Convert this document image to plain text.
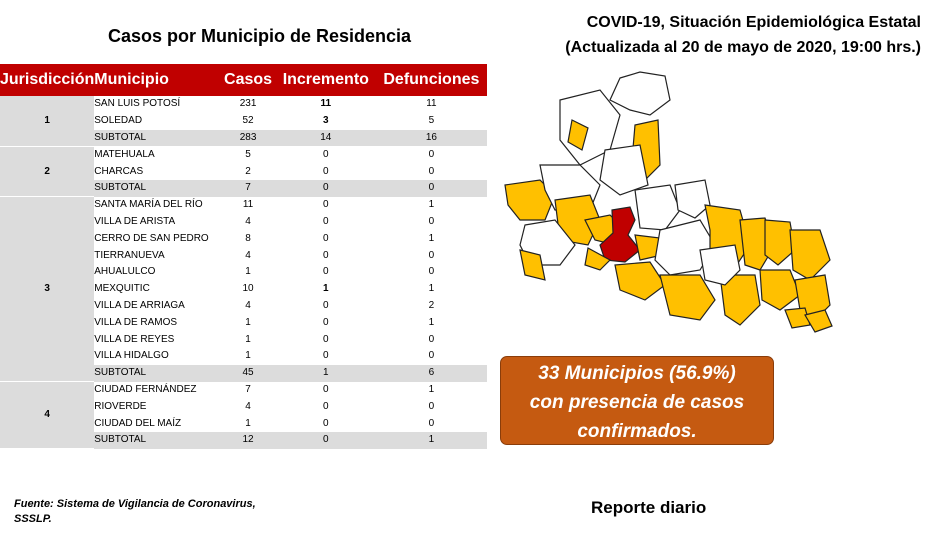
Casos por Municipio de Residencia
COVID-19, Situación Epidemiológica Estatal
(Actualizada al 20 de mayo de 2020, 19:00 hrs.)
Jurisdicción	Municipio	Casos	Incremento	Defunciones
1	SAN LUIS POTOSÍ	231	11	11
	SOLEDAD	52	3	5
	SUBTOTAL	283	14	16
2	MATEHUALA	5	0	0
	CHARCAS	2	0	0
	SUBTOTAL	7	0	0
3	SANTA MARÍA DEL RÍO	11	0	1
	VILLA DE ARISTA	4	0	0
	CERRO DE SAN PEDRO	8	0	1
	TIERRANUEVA	4	0	0
	AHUALULCO	1	0	0
	MEXQUITIC	10	1	1
	VILLA DE ARRIAGA	4	0	2
	VILLA DE RAMOS	1	0	1
	VILLA DE REYES	1	0	0
	VILLA HIDALGO	1	0	0
	SUBTOTAL	45	1	6
4	CIUDAD FERNÁNDEZ	7	0	1
	RIOVERDE	4	0	0
	CIUDAD DEL MAÍZ	1	0	0
	SUBTOTAL	12	0	1
33 Municipios (56.9%)
con presencia de casos
confirmados.
Fuente: Sistema de Vigilancia de Coronavirus,
SSSLP.
Reporte diario
